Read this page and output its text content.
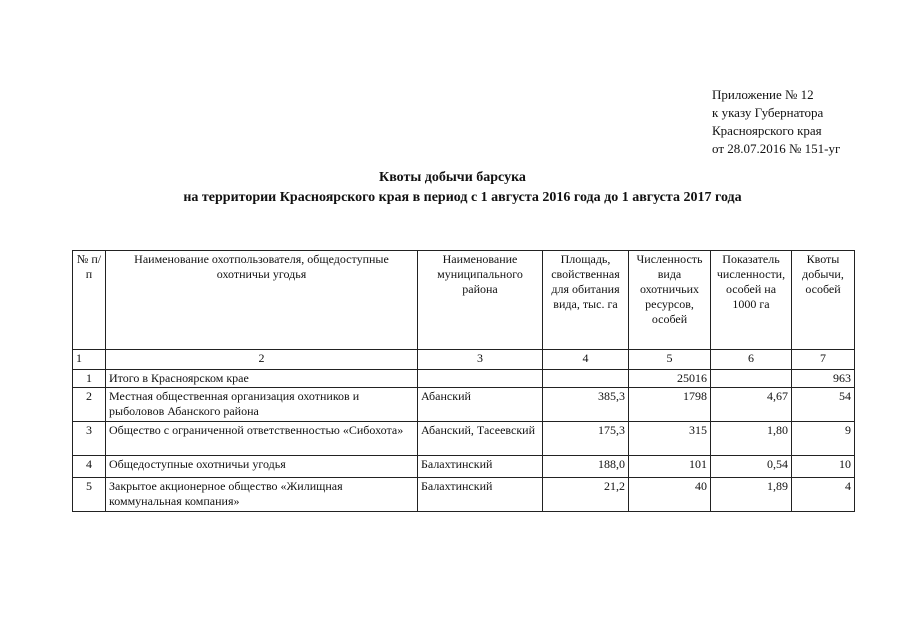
Приложение № 12
к указу Губернатора
Красноярского края
от 28.07.2016 № 151-уг
Квоты добычи барсука
на территории Красноярского края в период с 1 августа 2016 года до 1 августа 2017 года
№ п/п	Наименование охотпользователя, общедоступные охотничьи угодья	Наименование муниципального района	Площадь, свойственная для обитания вида, тыс. га	Численность вида охотничьих ресурсов, особей	Показатель численности, особей на 1000 га	Квоты добычи, особей
1	2	3	4	5	6	7
1	Итого в Красноярском крае			25016		963
2	Местная общественная организация охотников и рыболовов Абанского района	Абанский	385,3	1798	4,67	54
3	Общество с ограниченной ответственностью «Сибохота»	Абанский, Тасеевский	175,3	315	1,80	9
4	Общедоступные охотничьи угодья	Балахтинский	188,0	101	0,54	10
5	Закрытое акционерное общество «Жилищная коммунальная компания»	Балахтинский	21,2	40	1,89	4
